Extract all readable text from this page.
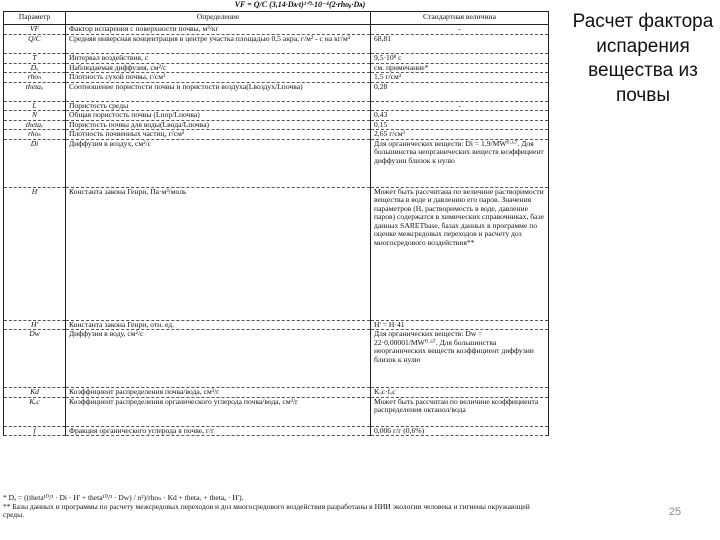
VF = Q/C (3,14·Dᴀ·t)¹ᐟ²·10⁻⁴(2·rhoᵦ·Dᴀ)
Параметр	Определение	Стандартная величина
VF	Фактор испарения с поверхности почвы, м³/кг	-
Q/C	Средняя инверсная концентрация в центре участка площадью 0,5 акра, г/м² - с на кг/м³	68,81
T	Интервал воздействия, с	9,5·10⁸ с
Dₐ	Наблюдаемая диффузия, см²/с	см. примечание*
rhoₙ	Плотность сухой почвы, г/см³	1,5 г/см³
thetaₐ	Соотношение пористости почвы и пористости воздуха(Lвоздух/Lпочва)	0,28
L	Пористость среды	-
N	Общая пористость почвы (Lпор/Lпочва)	0,43
thetaᵥ	Пористость почвы для воды(Lвода/Lпочва)	0,15
rhoₛ	Плотность почвенных частиц, г/см³	2,65 г/см³
Di	Диффузия в воздух, см²/с	Для органических веществ: Di = 1,9/MW⁰·⁶⁷. Для большинства неорганических веществ коэффициент диффузии близок к нулю
H	Константа закона Генри, Па·м³/моль	Может быть рассчитана по величине растворимости вещества в воде и давлению его паров. Значения параметров (H, растворимость в воде, давление паров) содержатся в химических справочниках, базе данных SARETbase, базах данных в программе по оценке межсредовых переходов и расчету доз многосредового воздействия**
H'	Константа закона Генри, отн. ед.	H' = H·41
Dw	Диффузия в воду, см²/с	Для органических веществ: Dw = 22·0,00001/MW⁰·⁶⁷. Для большинства неорганических веществ коэффициент диффузии близок к нулю
Kd	Коэффициент распределения почва/вода, см³/г	Kₒc·fₒc
Kₒc	Коэффициент распределения органического углерода почва/вода, см³/г	Может быть рассчитан по величине коэффициента распределения октанол/вода
f	Фракция органического углерода в почве, г/г	0,006 г/г (0,6%)
* Dₐ = ((theta¹⁰/³ · Di · H' + theta¹⁰/³ · Dw) / n²)/rhoₙ · Kd + thetaᵥ + thetaₐ · H').
** Базы данных и программы по расчету межсредовых переходов и доз многосредового воздействия разработаны в НИИ экологии человека и гигиены окружающей среды.
Расчет фактора испарения вещества из почвы
25
